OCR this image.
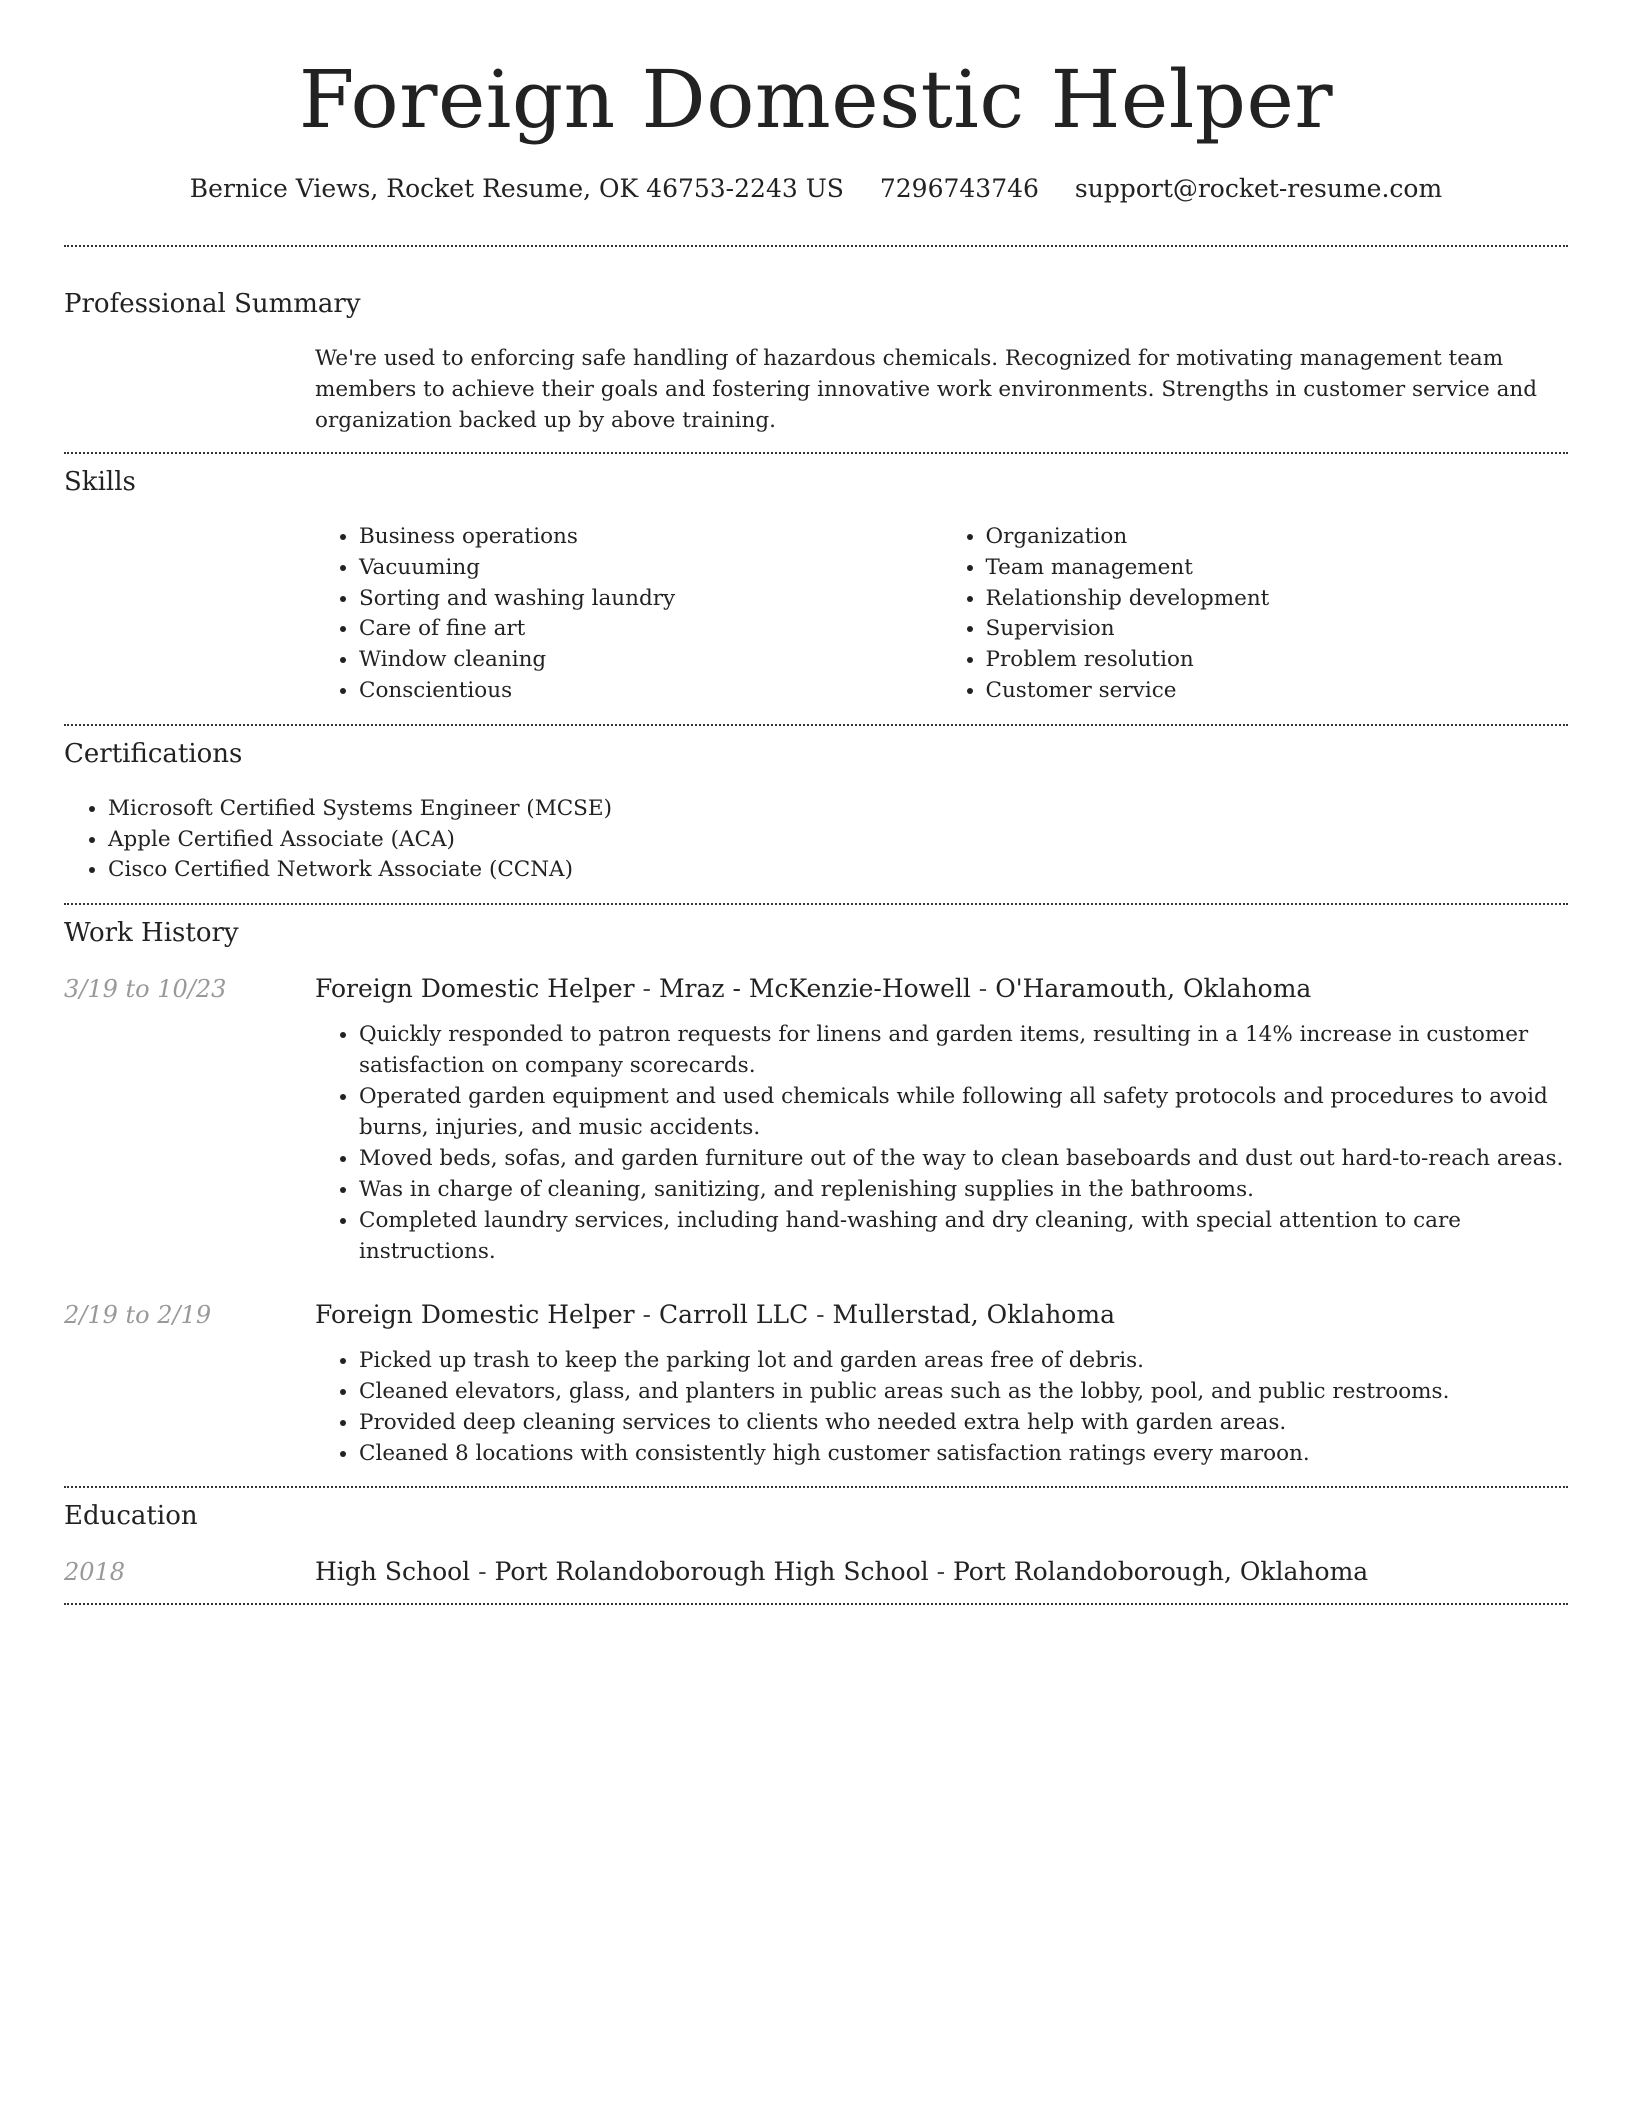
Foreign Domestic Helper
Bernice Views, Rocket Resume, OK 46753-2243 US 7296743746 support@rocket-resume.com
Professional Summary
We're used to enforcing safe handling of hazardous chemicals. Recognized for motivating management team members to achieve their goals and fostering innovative work environments. Strengths in customer service and organization backed up by above training.
Skills
• Business operations
• Vacuuming
• Sorting and washing laundry
• Care of fine art
• Window cleaning
• Conscientious
• Organization
• Team management
• Relationship development
• Supervision
• Problem resolution
• Customer service
Certifications
• Microsoft Certified Systems Engineer (MCSE)
• Apple Certified Associate (ACA)
• Cisco Certified Network Associate (CCNA)
Work History
3/19 to 10/23	Foreign Domestic Helper - Mraz - McKenzie-Howell - O'Haramouth, Oklahoma
• Quickly responded to patron requests for linens and garden items, resulting in a 14% increase in customer satisfaction on company scorecards.
• Operated garden equipment and used chemicals while following all safety protocols and procedures to avoid burns, injuries, and music accidents.
• Moved beds, sofas, and garden furniture out of the way to clean baseboards and dust out hard-to-reach areas.
• Was in charge of cleaning, sanitizing, and replenishing supplies in the bathrooms.
• Completed laundry services, including hand-washing and dry cleaning, with special attention to care instructions.
2/19 to 2/19	Foreign Domestic Helper - Carroll LLC - Mullerstad, Oklahoma
• Picked up trash to keep the parking lot and garden areas free of debris.
• Cleaned elevators, glass, and planters in public areas such as the lobby, pool, and public restrooms.
• Provided deep cleaning services to clients who needed extra help with garden areas.
• Cleaned 8 locations with consistently high customer satisfaction ratings every maroon.
Education
2018	High School - Port Rolandoborough High School - Port Rolandoborough, Oklahoma
